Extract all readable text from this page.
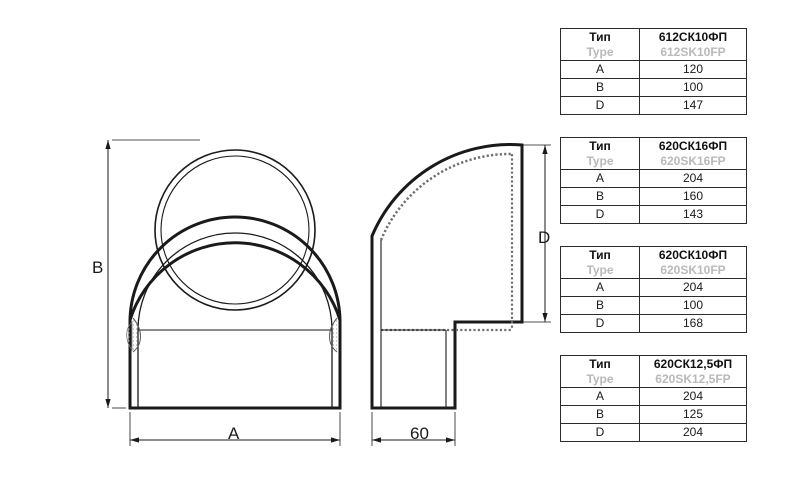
B
A
D
60
Тип	612СК10ФП
Type	612SK10FP
A	120
B	100
D	147
Тип	620СК16ФП
Type	620SK16FP
A	204
B	160
D	143
Тип	620СК10ФП
Type	620SK10FP
A	204
B	100
D	168
Тип	620СК12,5ФП
Type	620SK12,5FP
A	204
B	125
D	204
